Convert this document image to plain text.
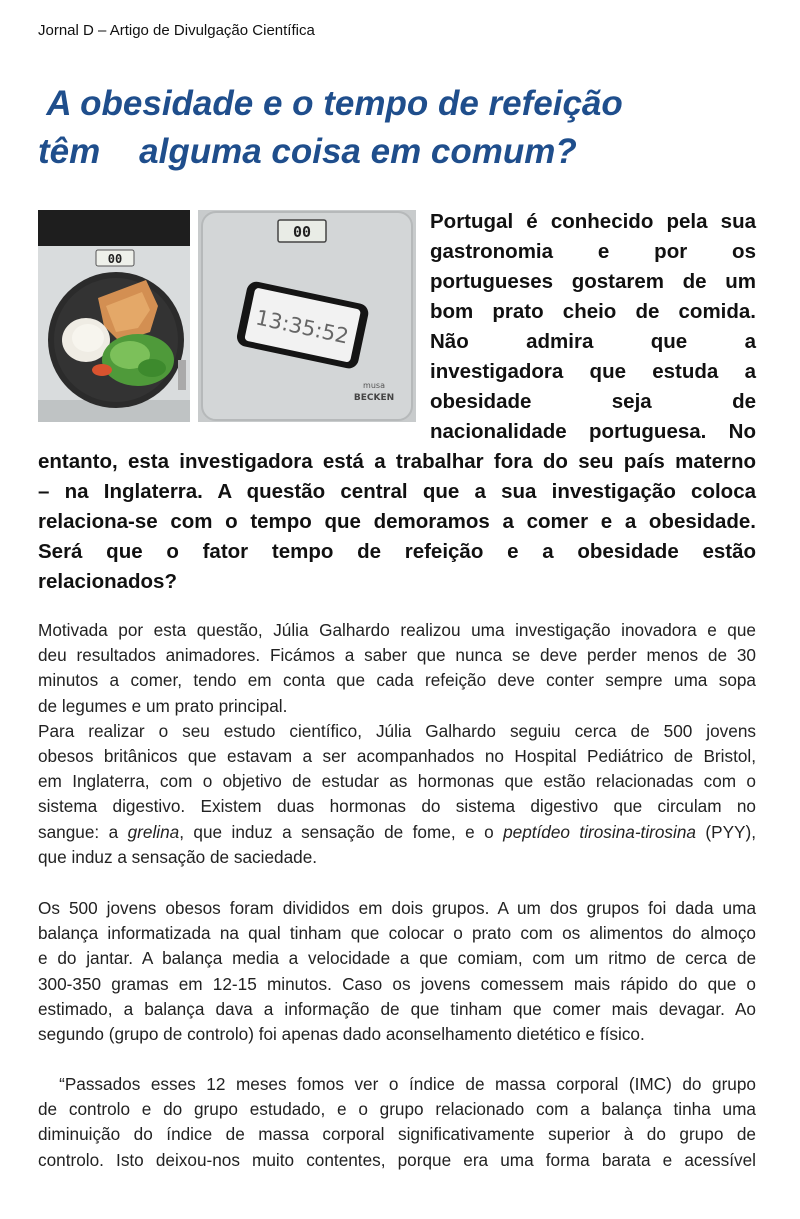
Jornal D – Artigo de Divulgação Científica
A obesidade e o tempo de refeição
têm    alguma coisa em comum?
00
00
13:35:52
musa
BECKEN
Portugal é conhecido pela sua
gastronomia e por os
portugueses gostarem de um
bom prato cheio de comida.
Não admira que a
investigadora que estuda a
obesidade seja de
nacionalidade portuguesa. No
entanto, esta investigadora está a trabalhar fora do seu país materno
– na Inglaterra. A questão central que a sua investigação coloca
relaciona-se com o tempo que demoramos a comer e a obesidade.
Será que o fator tempo de refeição e a obesidade estão
relacionados?
Motivada por esta questão, Júlia Galhardo realizou uma investigação inovadora e que
deu resultados animadores. Ficámos a saber que nunca se deve perder menos de 30
minutos a comer, tendo em conta que cada refeição deve conter sempre uma sopa
de legumes e um prato principal.
Para realizar o seu estudo científico, Júlia Galhardo seguiu cerca de 500 jovens
obesos britânicos que estavam a ser acompanhados no Hospital Pediátrico de Bristol,
em Inglaterra, com o objetivo de estudar as hormonas que estão relacionadas com o
sistema digestivo. Existem duas hormonas do sistema digestivo que circulam no
sangue: a grelina, que induz a sensação de fome, e o peptídeo tirosina-tirosina (PYY),
que induz a sensação de saciedade.
Os 500 jovens obesos foram divididos em dois grupos. A um dos grupos foi dada uma
balança informatizada na qual tinham que colocar o prato com os alimentos do almoço
e do jantar. A balança media a velocidade a que comiam, com um ritmo de cerca de
300-350 gramas em 12-15 minutos. Caso os jovens comessem mais rápido do que o
estimado, a balança dava a informação de que tinham que comer mais devagar. Ao
segundo (grupo de controlo) foi apenas dado aconselhamento dietético e físico.
“Passados esses 12 meses fomos ver o índice de massa corporal (IMC) do grupo
de controlo e do grupo estudado, e o grupo relacionado com a balança tinha uma
diminuição do índice de massa corporal significativamente superior à do grupo de
controlo. Isto deixou-nos muito contentes, porque era uma forma barata e acessível
